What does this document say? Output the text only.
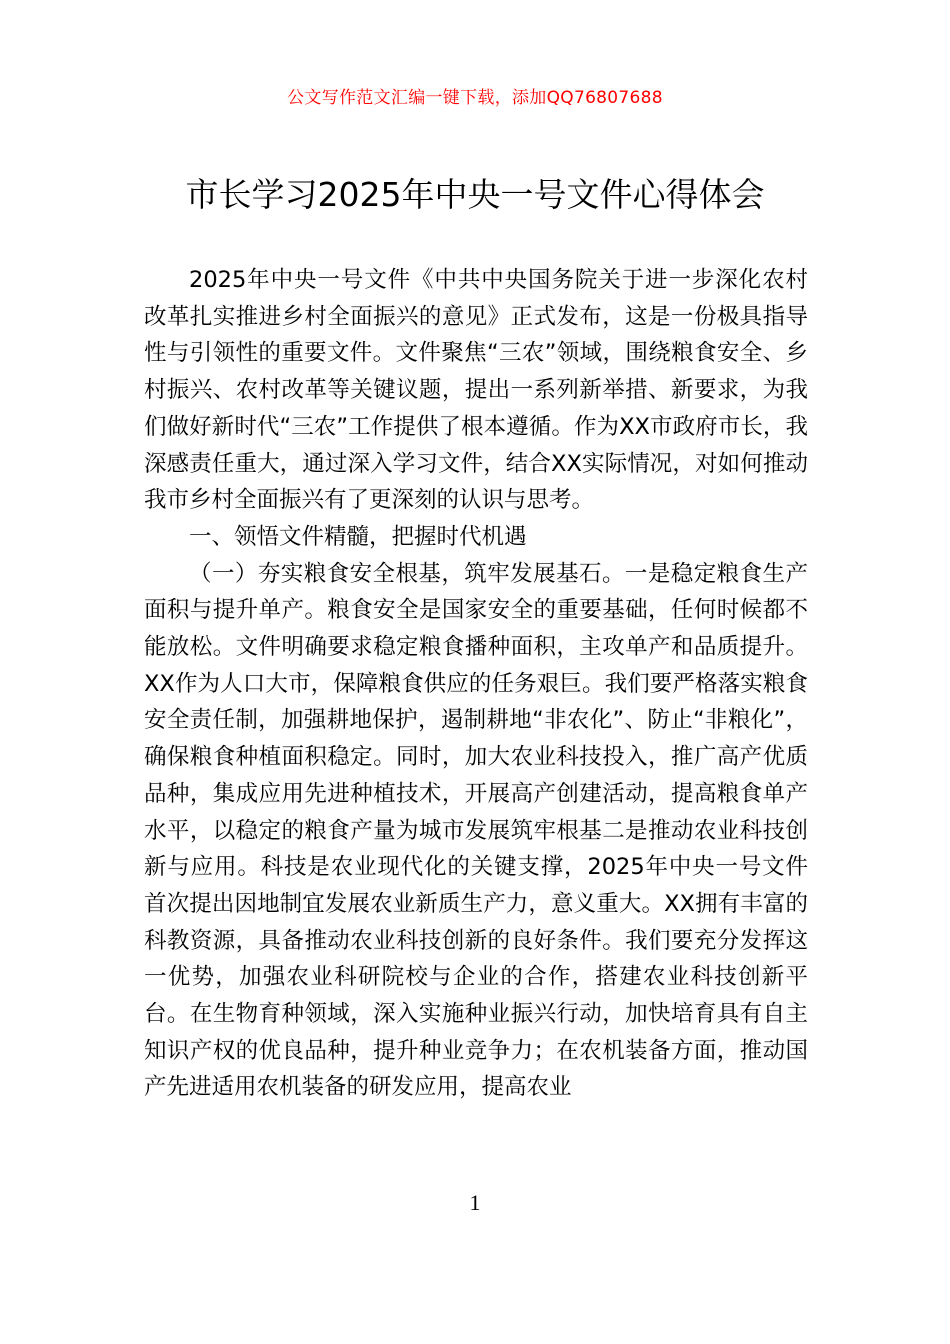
公文写作范文汇编一键下载，添加QQ76807688
市长学习2025年中央一号文件心得体会

2025年中央一号文件《中共中央国务院关于进一步深化农村改革扎实推进乡村全面振兴的意见》正式发布，这是一份极具指导性与引领性的重要文件。文件聚焦“三农”领域，围绕粮食安全、乡村振兴、农村改革等关键议题，提出一系列新举措、新要求，为我们做好新时代“三农”工作提供了根本遵循。作为XX市政府市长，我深感责任重大，通过深入学习文件，结合XX实际情况，对如何推动我市乡村全面振兴有了更深刻的认识与思考。

一、领悟文件精髓，把握时代机遇

（一）夯实粮食安全根基，筑牢发展基石。一是稳定粮食生产面积与提升单产。粮食安全是国家安全的重要基础，任何时候都不能放松。文件明确要求稳定粮食播种面积，主攻单产和品质提升。XX作为人口大市，保障粮食供应的任务艰巨。我们要严格落实粮食安全责任制，加强耕地保护，遏制耕地“非农化”、防止“非粮化”，确保粮食种植面积稳定。同时，加大农业科技投入，推广高产优质品种，集成应用先进种植技术，开展高产创建活动，提高粮食单产水平，以稳定的粮食产量为城市发展筑牢根基二是推动农业科技创新与应用。科技是农业现代化的关键支撑，2025年中央一号文件首次提出因地制宜发展农业新质生产力，意义重大。XX拥有丰富的科教资源，具备推动农业科技创新的良好条件。我们要充分发挥这一优势，加强农业科研院校与企业的合作，搭建农业科技创新平台。在生物育种领域，深入实施种业振兴行动，加快培育具有自主知识产权的优良品种，提升种业竞争力；在农机装备方面，推动国产先进适用农机装备的研发应用，提高农业

1
